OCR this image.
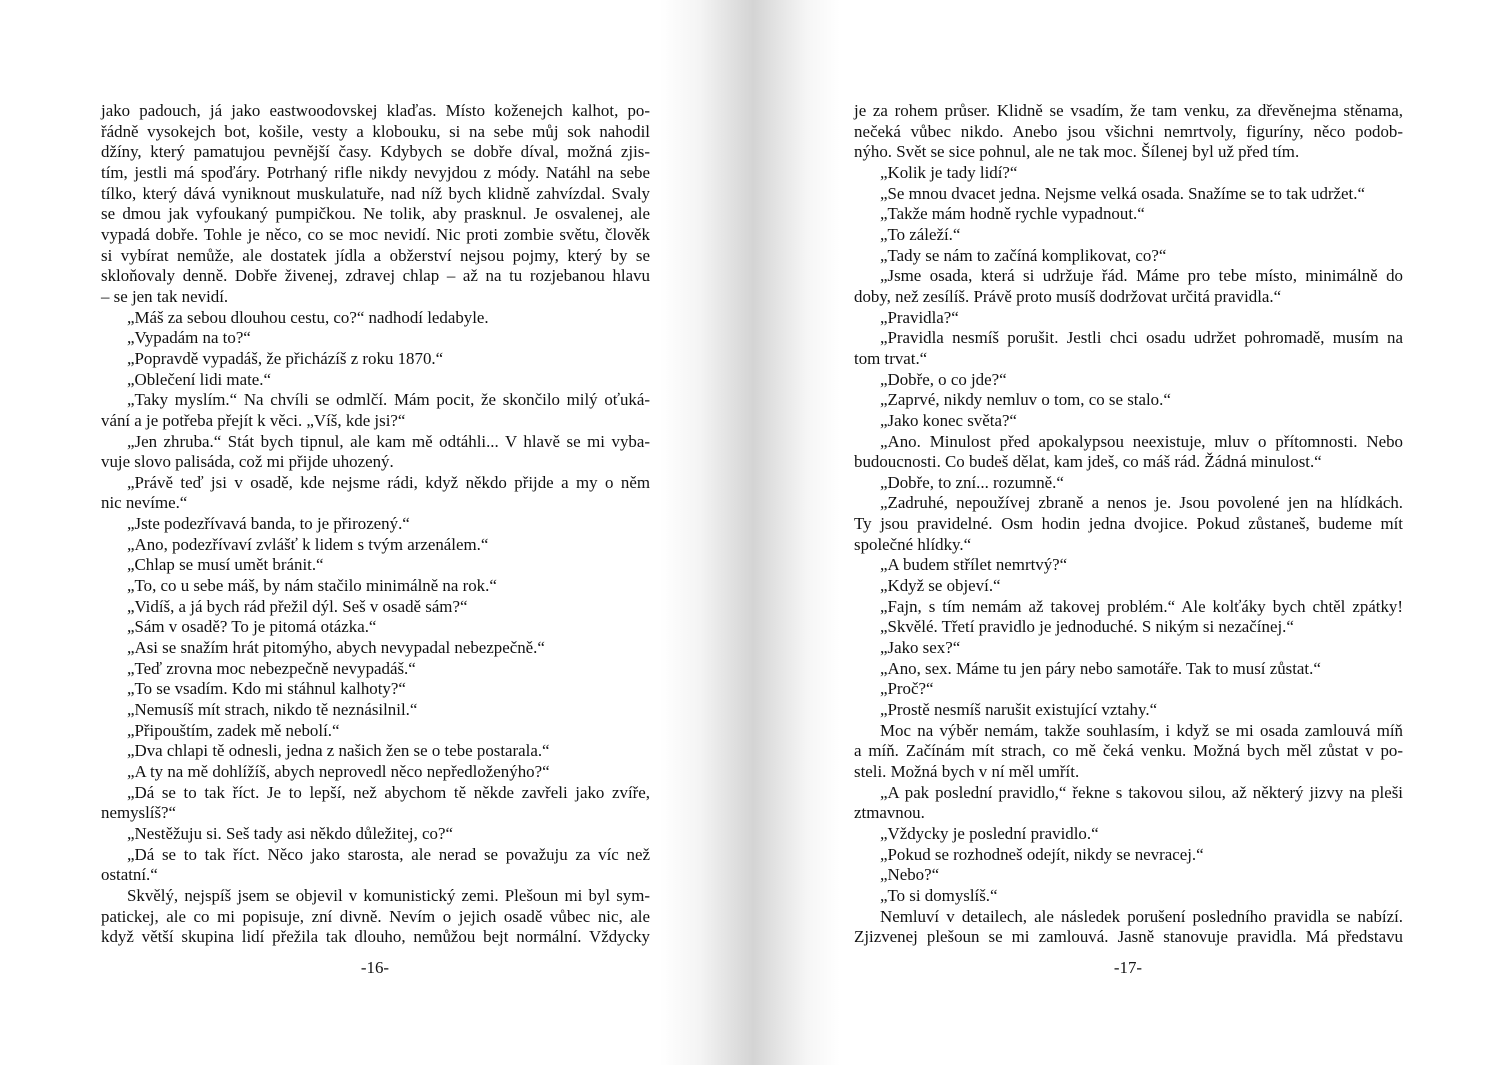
jako padouch, já jako eastwoodovskej klaďas. Místo koženejch kalhot, po-
řádně vysokejch bot, košile, vesty a klobouku, si na sebe můj sok nahodil
džíny, který pamatujou pevnější časy. Kdybych se dobře díval, možná zjis-
tím, jestli má spoďáry. Potrhaný rifle nikdy nevyjdou z módy. Natáhl na sebe
tílko, který dává vyniknout muskulatuře, nad níž bych klidně zahvízdal. Svaly
se dmou jak vyfoukaný pumpičkou. Ne tolik, aby prasknul. Je osvalenej, ale
vypadá dobře. Tohle je něco, co se moc nevidí. Nic proti zombie světu, člověk
si vybírat nemůže, ale dostatek jídla a obžerství nejsou pojmy, který by se
skloňovaly denně. Dobře živenej, zdravej chlap – až na tu rozjebanou hlavu
– se jen tak nevidí.
„Máš za sebou dlouhou cestu, co?“ nadhodí ledabyle.
„Vypadám na to?“
„Popravdě vypadáš, že přicházíš z roku 1870.“
„Oblečení lidi mate.“
„Taky myslím.“ Na chvíli se odmlčí. Mám pocit, že skončilo milý oťuká-
vání a je potřeba přejít k věci. „Víš, kde jsi?“
„Jen zhruba.“ Stát bych tipnul, ale kam mě odtáhli... V hlavě se mi vyba-
vuje slovo palisáda, což mi přijde uhozený.
„Právě teď jsi v osadě, kde nejsme rádi, když někdo přijde a my o něm
nic nevíme.“
„Jste podezřívavá banda, to je přirozený.“
„Ano, podezřívaví zvlášť k lidem s tvým arzenálem.“
„Chlap se musí umět bránit.“
„To, co u sebe máš, by nám stačilo minimálně na rok.“
„Vidíš, a já bych rád přežil dýl. Seš v osadě sám?“
„Sám v osadě? To je pitomá otázka.“
„Asi se snažím hrát pitomýho, abych nevypadal nebezpečně.“
„Teď zrovna moc nebezpečně nevypadáš.“
„To se vsadím. Kdo mi stáhnul kalhoty?“
„Nemusíš mít strach, nikdo tě neznásilnil.“
„Připouštím, zadek mě nebolí.“
„Dva chlapi tě odnesli, jedna z našich žen se o tebe postarala.“
„A ty na mě dohlížíš, abych neprovedl něco nepředloženýho?“
„Dá se to tak říct. Je to lepší, než abychom tě někde zavřeli jako zvíře,
nemyslíš?“
„Nestěžuju si. Seš tady asi někdo důležitej, co?“
„Dá se to tak říct. Něco jako starosta, ale nerad se považuju za víc než
ostatní.“
Skvělý, nejspíš jsem se objevil v komunistický zemi. Plešoun mi byl sym-
patickej, ale co mi popisuje, zní divně. Nevím o jejich osadě vůbec nic, ale
když větší skupina lidí přežila tak dlouho, nemůžou bejt normální. Vždycky
-16-
je za rohem průser. Klidně se vsadím, že tam venku, za dřevěnejma stěnama,
nečeká vůbec nikdo. Anebo jsou všichni nemrtvoly, figuríny, něco podob-
nýho. Svět se sice pohnul, ale ne tak moc. Šílenej byl už před tím.
„Kolik je tady lidí?“
„Se mnou dvacet jedna. Nejsme velká osada. Snažíme se to tak udržet.“
„Takže mám hodně rychle vypadnout.“
„To záleží.“
„Tady se nám to začíná komplikovat, co?“
„Jsme osada, která si udržuje řád. Máme pro tebe místo, minimálně do
doby, než zesílíš. Právě proto musíš dodržovat určitá pravidla.“
„Pravidla?“
„Pravidla nesmíš porušit. Jestli chci osadu udržet pohromadě, musím na
tom trvat.“
„Dobře, o co jde?“
„Zaprvé, nikdy nemluv o tom, co se stalo.“
„Jako konec světa?“
„Ano. Minulost před apokalypsou neexistuje, mluv o přítomnosti. Nebo
budoucnosti. Co budeš dělat, kam jdeš, co máš rád. Žádná minulost.“
„Dobře, to zní... rozumně.“
„Zadruhé, nepoužívej zbraně a nenos je. Jsou povolené jen na hlídkách.
Ty jsou pravidelné. Osm hodin jedna dvojice. Pokud zůstaneš, budeme mít
společné hlídky.“
„A budem střílet nemrtvý?“
„Když se objeví.“
„Fajn, s tím nemám až takovej problém.“ Ale kolťáky bych chtěl zpátky!
„Skvělé. Třetí pravidlo je jednoduché. S nikým si nezačínej.“
„Jako sex?“
„Ano, sex. Máme tu jen páry nebo samotáře. Tak to musí zůstat.“
„Proč?“
„Prostě nesmíš narušit existující vztahy.“
Moc na výběr nemám, takže souhlasím, i když se mi osada zamlouvá míň
a míň. Začínám mít strach, co mě čeká venku. Možná bych měl zůstat v po-
steli. Možná bych v ní měl umřít.
„A pak poslední pravidlo,“ řekne s takovou silou, až některý jizvy na pleši
ztmavnou.
„Vždycky je poslední pravidlo.“
„Pokud se rozhodneš odejít, nikdy se nevracej.“
„Nebo?“
„To si domyslíš.“
Nemluví v detailech, ale následek porušení posledního pravidla se nabízí.
Zjizvenej plešoun se mi zamlouvá. Jasně stanovuje pravidla. Má představu
-17-
